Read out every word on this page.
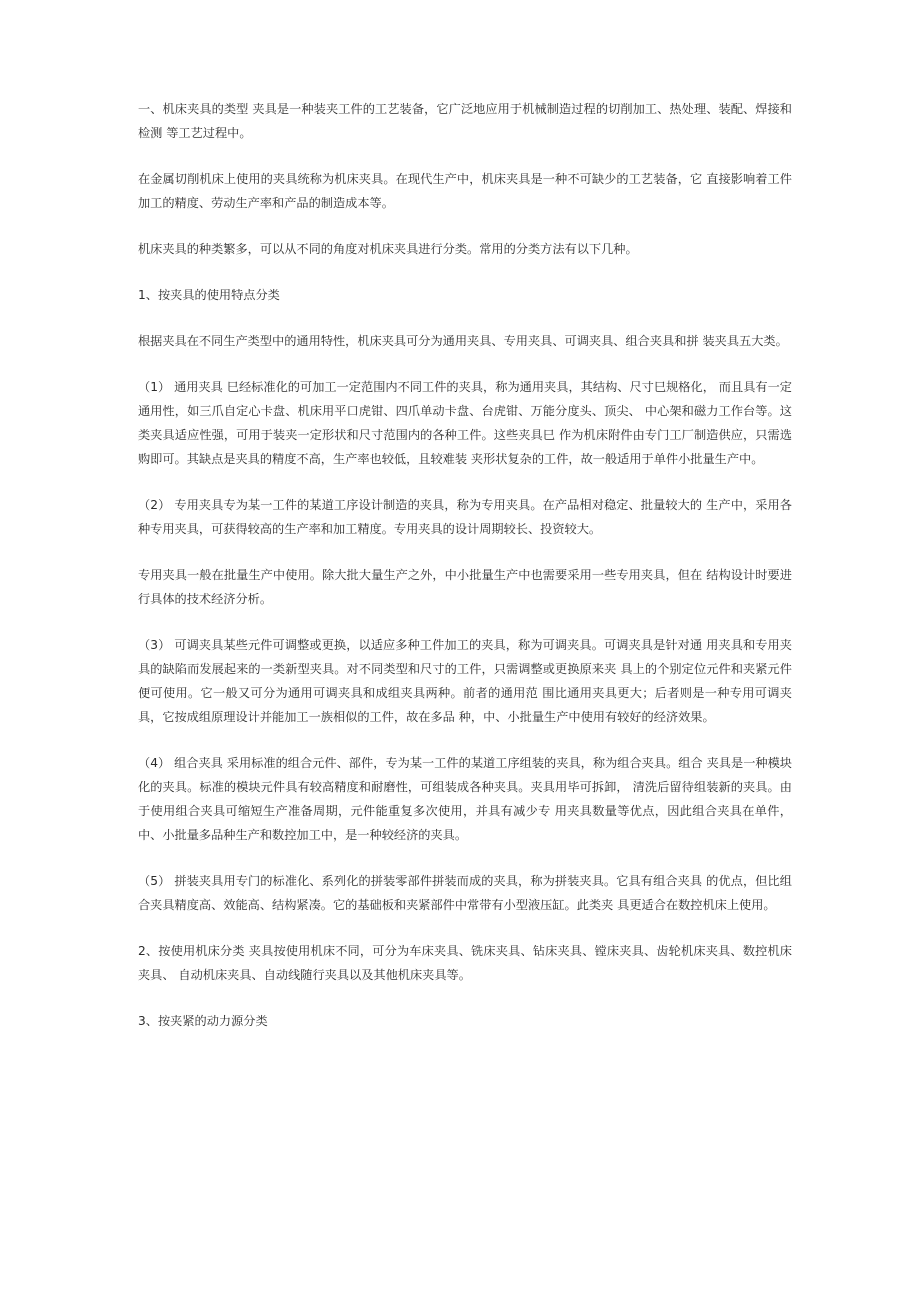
一、机床夹具的类型 夹具是一种装夹工件的工艺装备，它广泛地应用于机械制造过程的切削加工、热处理、装配、焊接和检测 等工艺过程中。

在金属切削机床上使用的夹具统称为机床夹具。在现代生产中，机床夹具是一种不可缺少的工艺装备，它 直接影响着工件加工的精度、劳动生产率和产品的制造成本等。

机床夹具的种类繁多，可以从不同的角度对机床夹具进行分类。常用的分类方法有以下几种。

1、按夹具的使用特点分类

根据夹具在不同生产类型中的通用特性，机床夹具可分为通用夹具、专用夹具、可调夹具、组合夹具和拼 装夹具五大类。

（1） 通用夹具 巳经标准化的可加工一定范围内不同工件的夹具，称为通用夹具，其结构、尺寸巳规格化， 而且具有一定通用性，如三爪自定心卡盘、机床用平口虎钳、四爪单动卡盘、台虎钳、万能分度头、顶尖、 中心架和磁力工作台等。这类夹具适应性强，可用于装夹一定形状和尺寸范围内的各种工件。这些夹具巳 作为机床附件由专门工厂制造供应，只需选购即可。其缺点是夹具的精度不高，生产率也较低，且较难装 夹形状复杂的工件，故一般适用于单件小批量生产中。

（2） 专用夹具专为某一工件的某道工序设计制造的夹具，称为专用夹具。在产品相对稳定、批量较大的 生产中，采用各种专用夹具，可获得较高的生产率和加工精度。专用夹具的设计周期较长、投资较大。

专用夹具一般在批量生产中使用。除大批大量生产之外，中小批量生产中也需要采用一些专用夹具，但在 结构设计时要进行具体的技术经济分析。

（3） 可调夹具某些元件可调整或更换，以适应多种工件加工的夹具，称为可调夹具。可调夹具是针对通 用夹具和专用夹具的缺陷而发展起来的一类新型夹具。对不同类型和尺寸的工件，只需调整或更换原来夹 具上的个别定位元件和夹紧元件便可使用。它一般又可分为通用可调夹具和成组夹具两种。前者的通用范 围比通用夹具更大；后者则是一种专用可调夹具，它按成组原理设计并能加工一族相似的工件，故在多品 种，中、小批量生产中使用有较好的经济效果。

（4） 组合夹具 采用标准的组合元件、部件，专为某一工件的某道工序组装的夹具，称为组合夹具。组合 夹具是一种模块化的夹具。标准的模块元件具有较高精度和耐磨性，可组装成各种夹具。夹具用毕可拆卸， 清洗后留待组装新的夹具。由于使用组合夹具可缩短生产准备周期，元件能重复多次使用，并具有减少专 用夹具数量等优点，因此组合夹具在单件，中、小批量多品种生产和数控加工中，是一种较经济的夹具。

（5） 拼装夹具用专门的标准化、系列化的拼装零部件拼装而成的夹具，称为拼装夹具。它具有组合夹具 的优点，但比组合夹具精度高、效能高、结构紧凑。它的基础板和夹紧部件中常带有小型液压缸。此类夹 具更适合在数控机床上使用。

2、按使用机床分类 夹具按使用机床不同，可分为车床夹具、铣床夹具、钻床夹具、镗床夹具、齿轮机床夹具、数控机床夹具、 自动机床夹具、自动线随行夹具以及其他机床夹具等。

3、按夹紧的动力源分类
